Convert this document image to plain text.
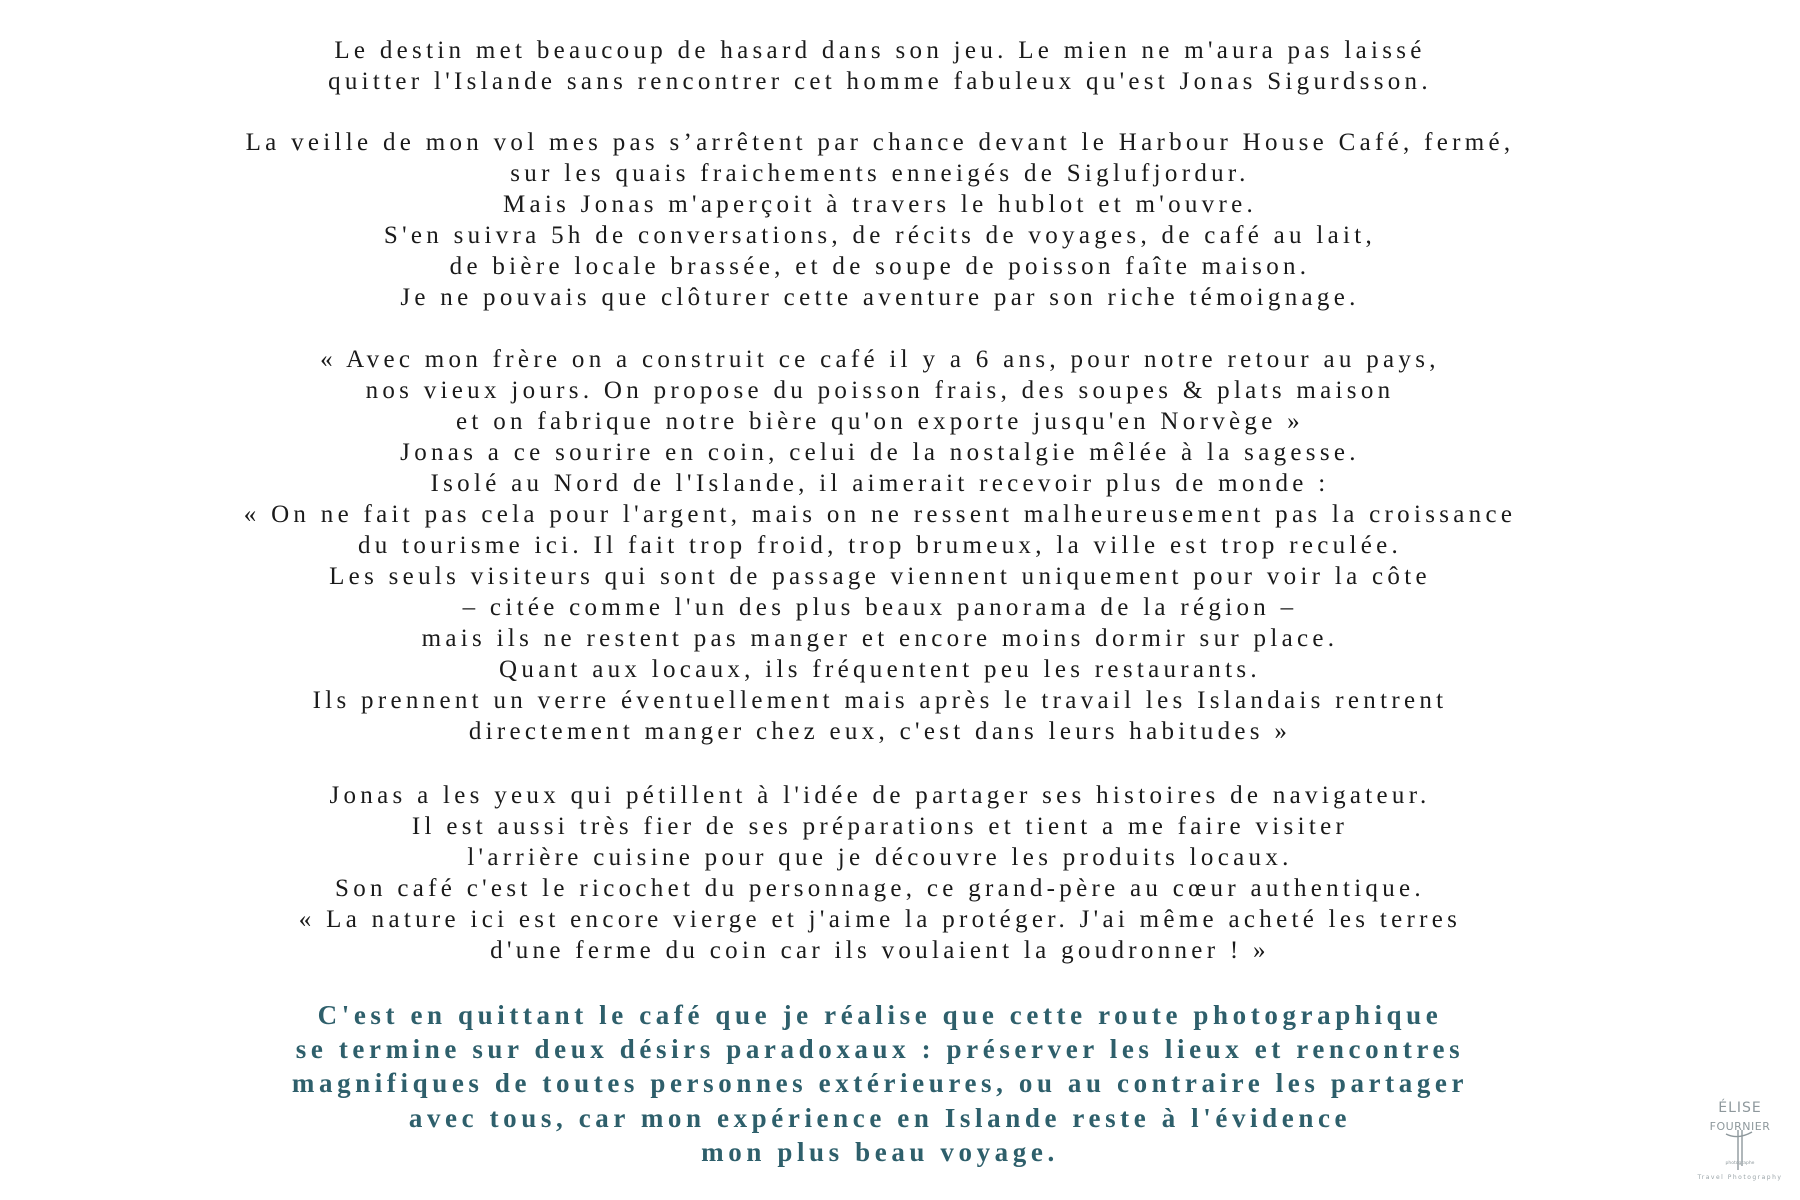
Le destin met beaucoup de hasard dans son jeu. Le mien ne m'aura pas laissé
quitter l'Islande sans rencontrer cet homme fabuleux qu'est Jonas Sigurdsson.
La veille de mon vol mes pas s’arrêtent par chance devant le Harbour House Café, fermé,
sur les quais fraichements enneigés de Siglufjordur.
Mais Jonas m'aperçoit à travers le hublot et m'ouvre.
S'en suivra 5h de conversations, de récits de voyages, de café au lait,
de bière locale brassée, et de soupe de poisson faîte maison.
Je ne pouvais que clôturer cette aventure par son riche témoignage.
« Avec mon frère on a construit ce café il y a 6 ans, pour notre retour au pays,
nos vieux jours. On propose du poisson frais, des soupes & plats maison
et on fabrique notre bière qu'on exporte jusqu'en Norvège »
Jonas a ce sourire en coin, celui de la nostalgie mêlée à la sagesse.
Isolé au Nord de l'Islande, il aimerait recevoir plus de monde :
« On ne fait pas cela pour l'argent, mais on ne ressent malheureusement pas la croissance
du tourisme ici. Il fait trop froid, trop brumeux, la ville est trop reculée.
Les seuls visiteurs qui sont de passage viennent uniquement pour voir la côte
– citée comme l'un des plus beaux panorama de la région –
mais ils ne restent pas manger et encore moins dormir sur place.
Quant aux locaux, ils fréquentent peu les restaurants.
Ils prennent un verre éventuellement mais après le travail les Islandais rentrent
directement manger chez eux, c'est dans leurs habitudes »
Jonas a les yeux qui pétillent à l'idée de partager ses histoires de navigateur.
Il est aussi très fier de ses préparations et tient a me faire visiter
l'arrière cuisine pour que je découvre les produits locaux.
Son café c'est le ricochet du personnage, ce grand-père au cœur authentique.
« La nature ici est encore vierge et j'aime la protéger. J'ai même acheté les terres
d'une ferme du coin car ils voulaient la goudronner ! »
C'est en quittant le café que je réalise que cette route photographique
se termine sur deux désirs paradoxaux : préserver les lieux et rencontres
magnifiques de toutes personnes extérieures, ou au contraire les partager
avec tous, car mon expérience en Islande reste à l'évidence
mon plus beau voyage.
ÉLISE
FOURNIER
photographe
Travel Photography
